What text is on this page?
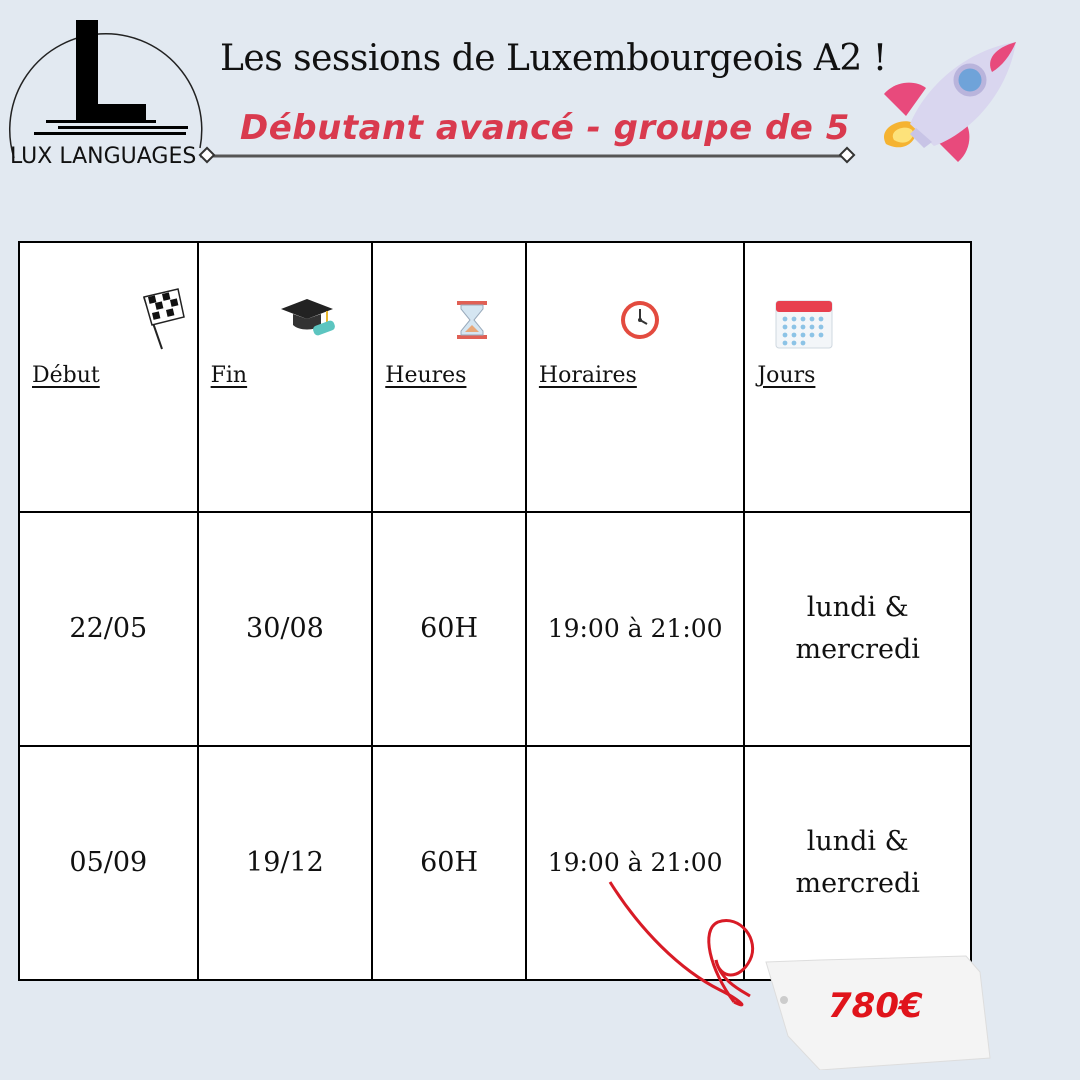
LUX LANGUAGES
Les sessions de Luxembourgeois A2 !
Débutant avancé - groupe de 5
Début	Fin	Heures	Horaires	Jours

22/05	30/08	60H	19:00 à 21:00	lundi &
mercredi

05/09	19/12	60H	19:00 à 21:00	lundi &
mercredi
780€
